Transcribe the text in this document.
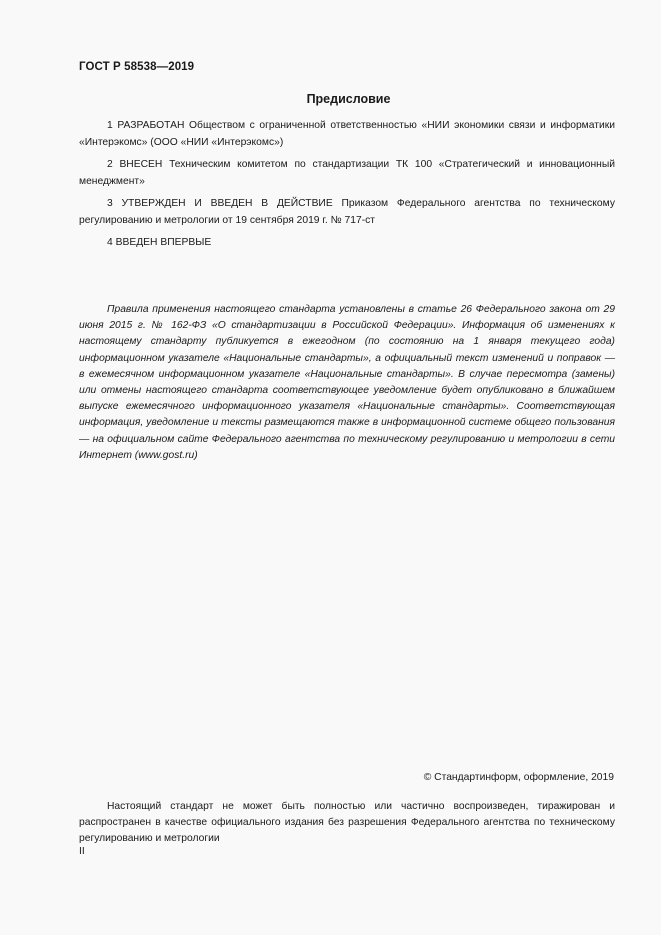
ГОСТ Р 58538—2019
Предисловие

1 РАЗРАБОТАН Обществом с ограниченной ответственностью «НИИ экономики связи и информатики «Интерэкомс» (ООО «НИИ «Интерэкомс»)

2 ВНЕСЕН Техническим комитетом по стандартизации ТК 100 «Стратегический и инновационный менеджмент»

3 УТВЕРЖДЕН И ВВЕДЕН В ДЕЙСТВИЕ Приказом Федерального агентства по техническому регулированию и метрологии от 19 сентября 2019 г. № 717-ст

4 ВВЕДЕН ВПЕРВЫЕ

Правила применения настоящего стандарта установлены в статье 26 Федерального закона от 29 июня 2015 г. № 162-ФЗ «О стандартизации в Российской Федерации». Информация об изменениях к настоящему стандарту публикуется в ежегодном (по состоянию на 1 января текущего года) информационном указателе «Национальные стандарты», а официальный текст изменений и поправок — в ежемесячном информационном указателе «Национальные стандарты». В случае пересмотра (замены) или отмены настоящего стандарта соответствующее уведомление будет опубликовано в ближайшем выпуске ежемесячного информационного указателя «Национальные стандарты». Соответствующая информация, уведомление и тексты размещаются также в информационной системе общего пользования — на официальном сайте Федерального агентства по техническому регулированию и метрологии в сети Интернет (www.gost.ru)

© Стандартинформ, оформление, 2019

Настоящий стандарт не может быть полностью или частично воспроизведен, тиражирован и распространен в качестве официального издания без разрешения Федерального агентства по техническому регулированию и метрологии

II
